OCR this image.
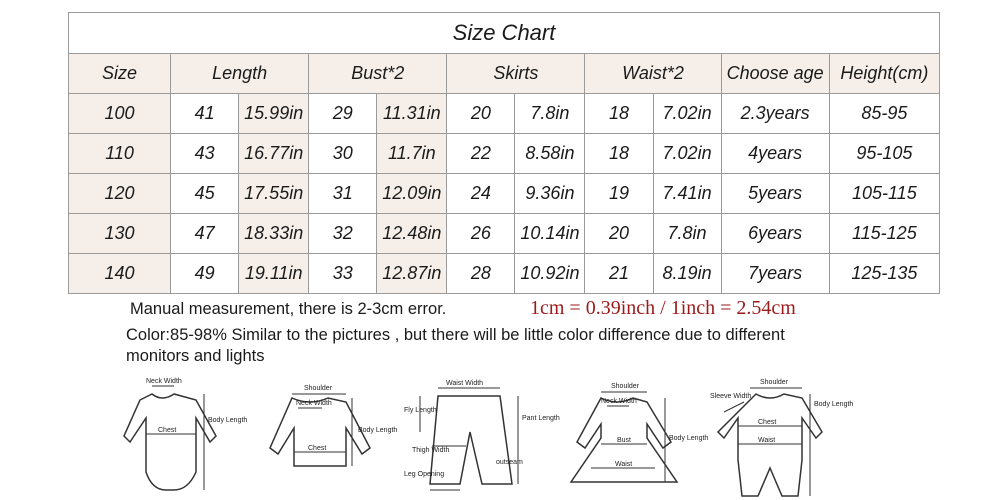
Size Chart										
Size	Length		Bust*2		Skirts		Waist*2		Choose age	Height(cm)
100	41	15.99in	29	11.31in	20	7.8in	18	7.02in	2.3years	85-95
110	43	16.77in	30	11.7in	22	8.58in	18	7.02in	4years	95-105
120	45	17.55in	31	12.09in	24	9.36in	19	7.41in	5years	105-115
130	47	18.33in	32	12.48in	26	10.14in	20	7.8in	6years	115-125
140	49	19.11in	33	12.87in	28	10.92in	21	8.19in	7years	125-135
Manual measurement, there is 2-3cm error.	1cm = 0.39inch / 1inch = 2.54cm
Color:85-98% Similar to the pictures , but there will be little color difference due to different monitors and lights
Neck Width
Chest
Body Length
Shoulder
Neck Width
Chest
Body Length
Waist Width
Fly Length
Thigh Width
Leg Opening
Pant Length
outseam
Shoulder
Neck Width
Bust
Waist
Body Length
Shoulder
Sleeve Width
Chest
Waist
Body Length
